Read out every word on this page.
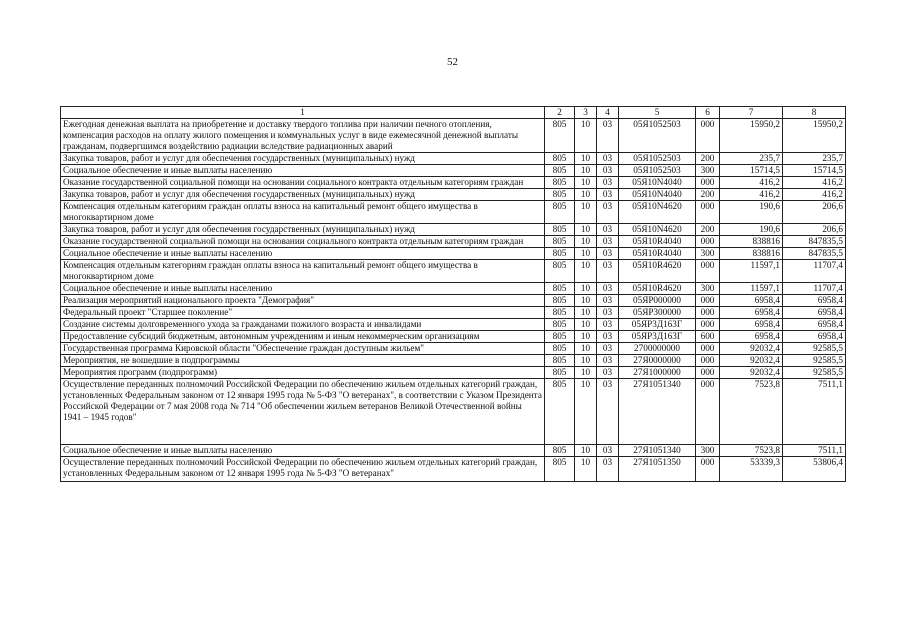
52
1	2	3	4	5	6	7	8
Ежегодная денежная выплата на приобретение и доставку твердого топлива при наличии печного отопления, компенсация расходов на оплату жилого помещения и коммунальных услуг в виде ежемесячной денежной выплаты гражданам, подвергшимся воздействию радиации вследствие радиационных аварий	805	10	03	05Я1052503	000	15950,2	15950,2
Закупка товаров, работ и услуг для обеспечения государственных (муниципальных) нужд	805	10	03	05Я1052503	200	235,7	235,7
Социальное обеспечение и иные выплаты населению	805	10	03	05Я1052503	300	15714,5	15714,5
Оказание государственной социальной помощи на основании социального контракта отдельным категориям граждан	805	10	03	05Я10N4040	000	416,2	416,2
Закупка товаров, работ и услуг для обеспечения государственных (муниципальных) нужд	805	10	03	05Я10N4040	200	416,2	416,2
Компенсация отдельным категориям граждан оплаты взноса на капитальный ремонт общего имущества в многоквартирном доме	805	10	03	05Я10N4620	000	190,6	206,6
Закупка товаров, работ и услуг для обеспечения государственных (муниципальных) нужд	805	10	03	05Я10N4620	200	190,6	206,6
Оказание государственной социальной помощи на основании социального контракта отдельным категориям граждан	805	10	03	05Я10R4040	000	838816	847835,5
Социальное обеспечение и иные выплаты населению	805	10	03	05Я10R4040	300	838816	847835,5
Компенсация отдельным категориям граждан оплаты взноса на капитальный ремонт общего имущества в многоквартирном доме	805	10	03	05Я10R4620	000	11597,1	11707,4
Социальное обеспечение и иные выплаты населению	805	10	03	05Я10R4620	300	11597,1	11707,4
Реализация мероприятий национального проекта "Демография"	805	10	03	05ЯР000000	000	6958,4	6958,4
Федеральный проект "Старшее поколение"	805	10	03	05ЯР300000	000	6958,4	6958,4
Создание системы долговременного ухода за гражданами пожилого возраста и инвалидами	805	10	03	05ЯР3Д163Г	000	6958,4	6958,4
Предоставление субсидий бюджетным, автономным учреждениям и иным некоммерческим организациям	805	10	03	05ЯР3Д163Г	600	6958,4	6958,4
Государственная программа Кировской области "Обеспечение граждан доступным жильем"	805	10	03	2700000000	000	92032,4	92585,5
Мероприятия, не вошедшие в подпрограммы	805	10	03	27Я0000000	000	92032,4	92585,5
Мероприятия программ (подпрограмм)	805	10	03	27Я1000000	000	92032,4	92585,5
Осуществление переданных полномочий Российской Федерации по обеспечению жильем отдельных категорий граждан, установленных Федеральным законом от 12 января 1995 года № 5-ФЗ "О ветеранах", в соответствии с Указом Президента Российской Федерации от 7 мая 2008 года № 714 "Об обеспечении жильем ветеранов Великой Отечественной войны 1941 – 1945 годов"	805	10	03	27Я1051340	000	7523,8	7511,1
Социальное обеспечение и иные выплаты населению	805	10	03	27Я1051340	300	7523,8	7511,1
Осуществление переданных полномочий Российской Федерации по обеспечению жильем отдельных категорий граждан, установленных Федеральным законом от 12 января 1995 года № 5-ФЗ "О ветеранах"	805	10	03	27Я1051350	000	53339,3	53806,4
